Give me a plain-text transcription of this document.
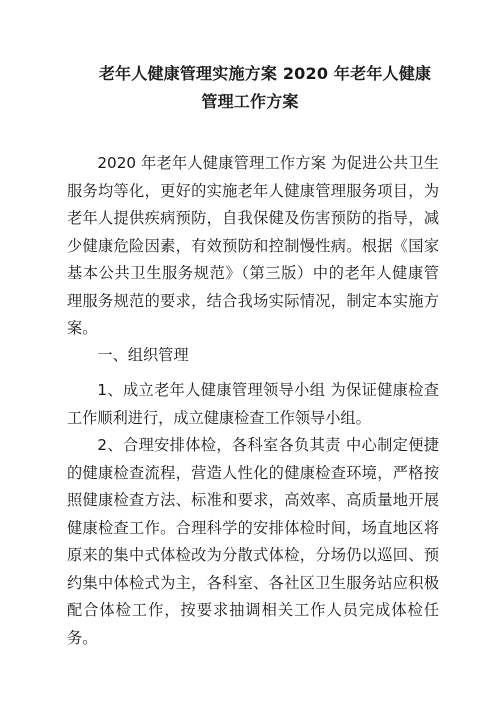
老年人健康管理实施方案 2020 年老年人健康
管理工作方案

2020 年老年人健康管理工作方案 为促进公共卫生服务均等化，更好的实施老年人健康管理服务项目，为老年人提供疾病预防，自我保健及伤害预防的指导，减少健康危险因素，有效预防和控制慢性病。根据《国家基本公共卫生服务规范》（第三版）中的老年人健康管理服务规范的要求，结合我场实际情况，制定本实施方案。

一、组织管理

1、成立老年人健康管理领导小组 为保证健康检查工作顺利进行，成立健康检查工作领导小组。

2、合理安排体检，各科室各负其责 中心制定便捷的健康检查流程，营造人性化的健康检查环境，严格按照健康检查方法、标准和要求，高效率、高质量地开展健康检查工作。合理科学的安排体检时间，场直地区将原来的集中式体检改为分散式体检，分场仍以巡回、预约集中体检式为主，各科室、各社区卫生服务站应积极配合体检工作，按要求抽调相关工作人员完成体检任务。
